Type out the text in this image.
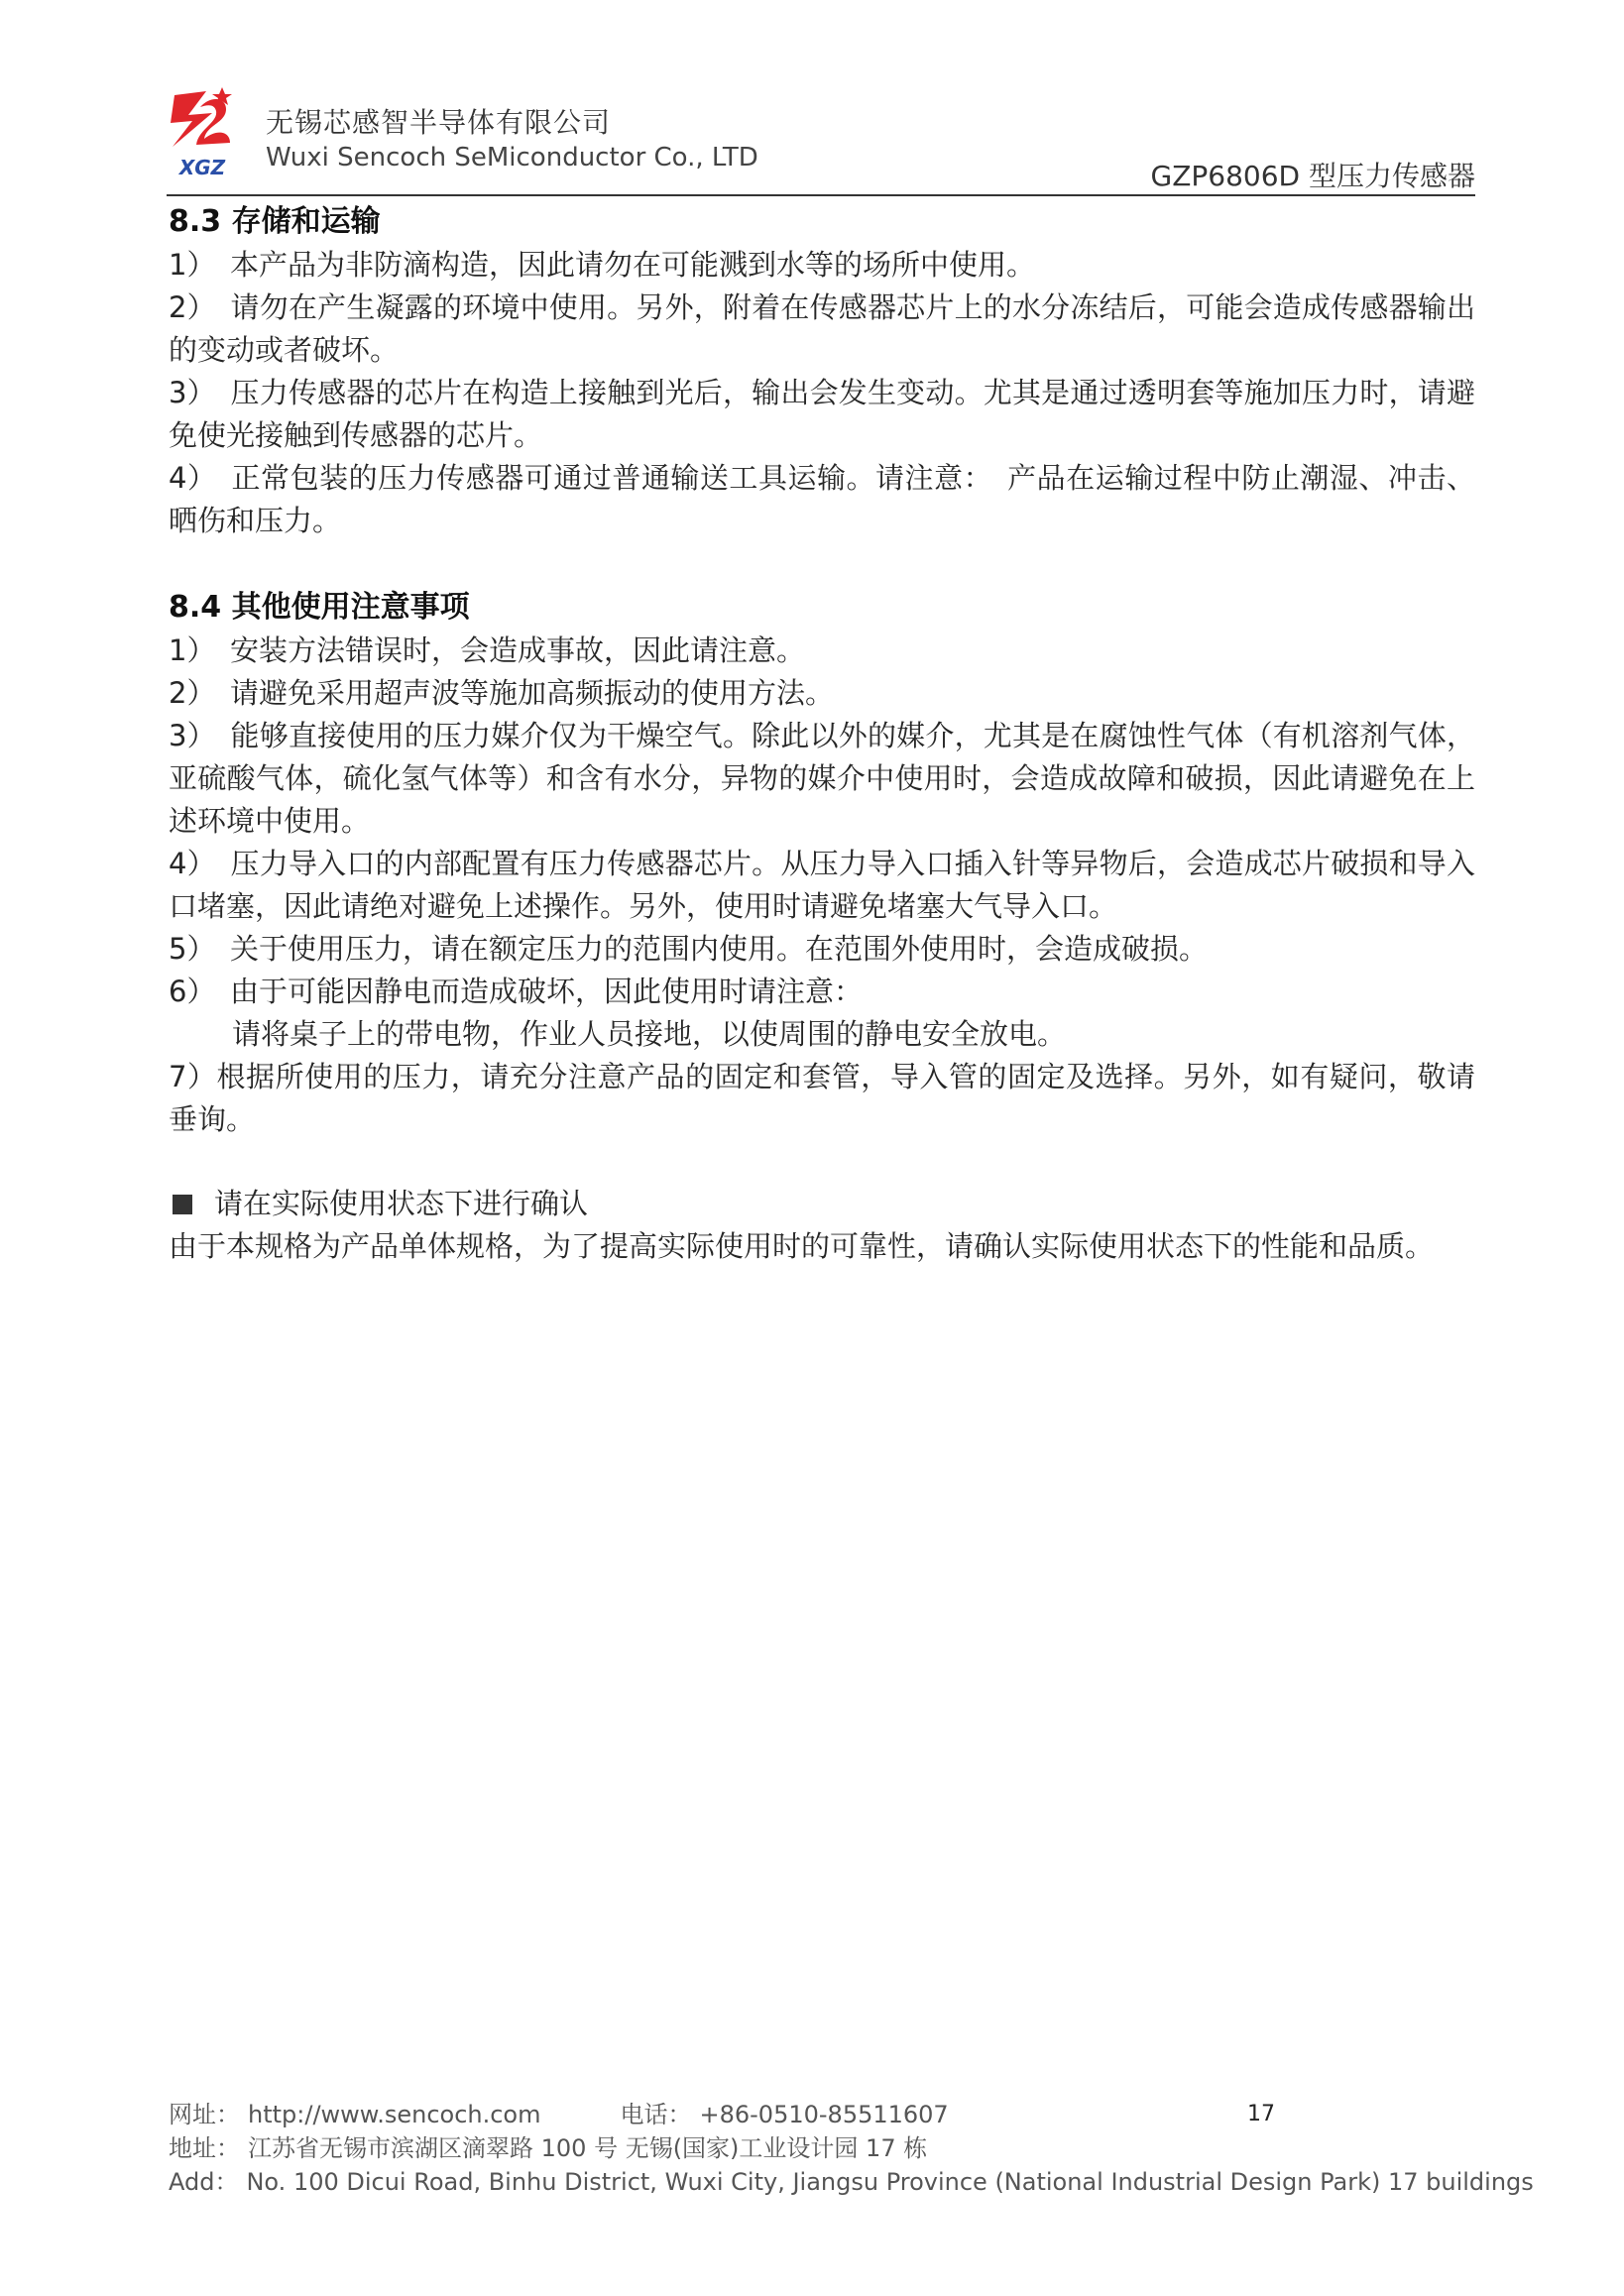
XGZ
无锡芯感智半导体有限公司
Wuxi Sencoch SeMiconductor Co., LTD
GZP6806D 型压力传感器
8.3 存储和运输

1）　本产品为非防滴构造，因此请勿在可能溅到水等的场所中使用。

2）　请勿在产生凝露的环境中使用。另外，附着在传感器芯片上的水分冻结后，可能会造成传感器输出的变动或者破坏。

3）　压力传感器的芯片在构造上接触到光后，输出会发生变动。尤其是通过透明套等施加压力时，请避免使光接触到传感器的芯片。

4）　正常包装的压力传感器可通过普通输送工具运输。请注意：　产品在运输过程中防止潮湿、冲击、晒伤和压力。

8.4 其他使用注意事项

1）　安装方法错误时，会造成事故，因此请注意。

2）　请避免采用超声波等施加高频振动的使用方法。

3）　能够直接使用的压力媒介仅为干燥空气。除此以外的媒介，尤其是在腐蚀性气体（有机溶剂气体，亚硫酸气体，硫化氢气体等）和含有水分，异物的媒介中使用时，会造成故障和破损，因此请避免在上述环境中使用。

4）　压力导入口的内部配置有压力传感器芯片。从压力导入口插入针等异物后，会造成芯片破损和导入口堵塞，因此请绝对避免上述操作。另外，使用时请避免堵塞大气导入口。

5）　关于使用压力，请在额定压力的范围内使用。在范围外使用时，会造成破损。

6）　由于可能因静电而造成破坏，因此使用时请注意：

请将桌子上的带电物，作业人员接地，以使周围的静电安全放电。

7）根据所使用的压力，请充分注意产品的固定和套管，导入管的固定及选择。另外，如有疑问，敬请垂询。

请在实际使用状态下进行确认

由于本规格为产品单体规格，为了提高实际使用时的可靠性，请确认实际使用状态下的性能和品质。

网址： http://www.sencoch.com	电话： +86-0510-85511607
地址： 江苏省无锡市滨湖区滴翠路 100 号 无锡(国家)工业设计园 17 栋
Add： No. 100 Dicui Road, Binhu District, Wuxi City, Jiangsu Province (National Industrial Design Park) 17 buildings
17
